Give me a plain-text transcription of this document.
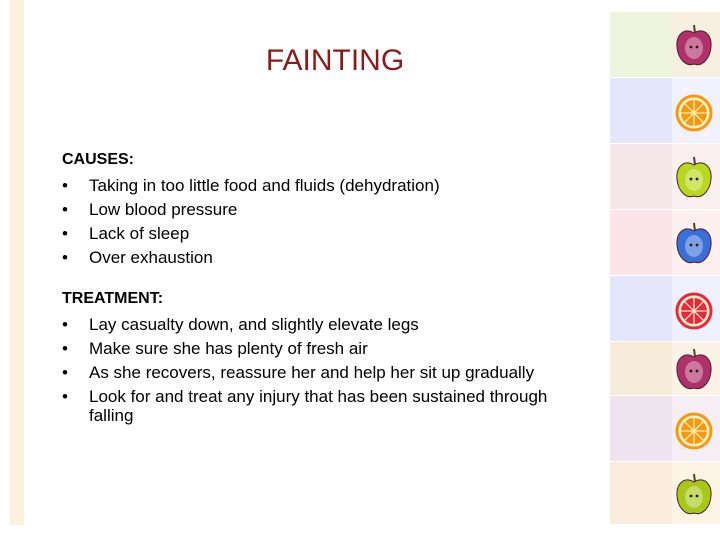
FAINTING
CAUSES:
• Taking in too little food and fluids (dehydration)
• Low blood pressure
• Lack of sleep
• Over exhaustion
TREATMENT:
• Lay casualty down, and slightly elevate legs
• Make sure she has plenty of fresh air
• As she recovers, reassure her and help her sit up gradually
• Look for and treat any injury that has been sustained through falling
